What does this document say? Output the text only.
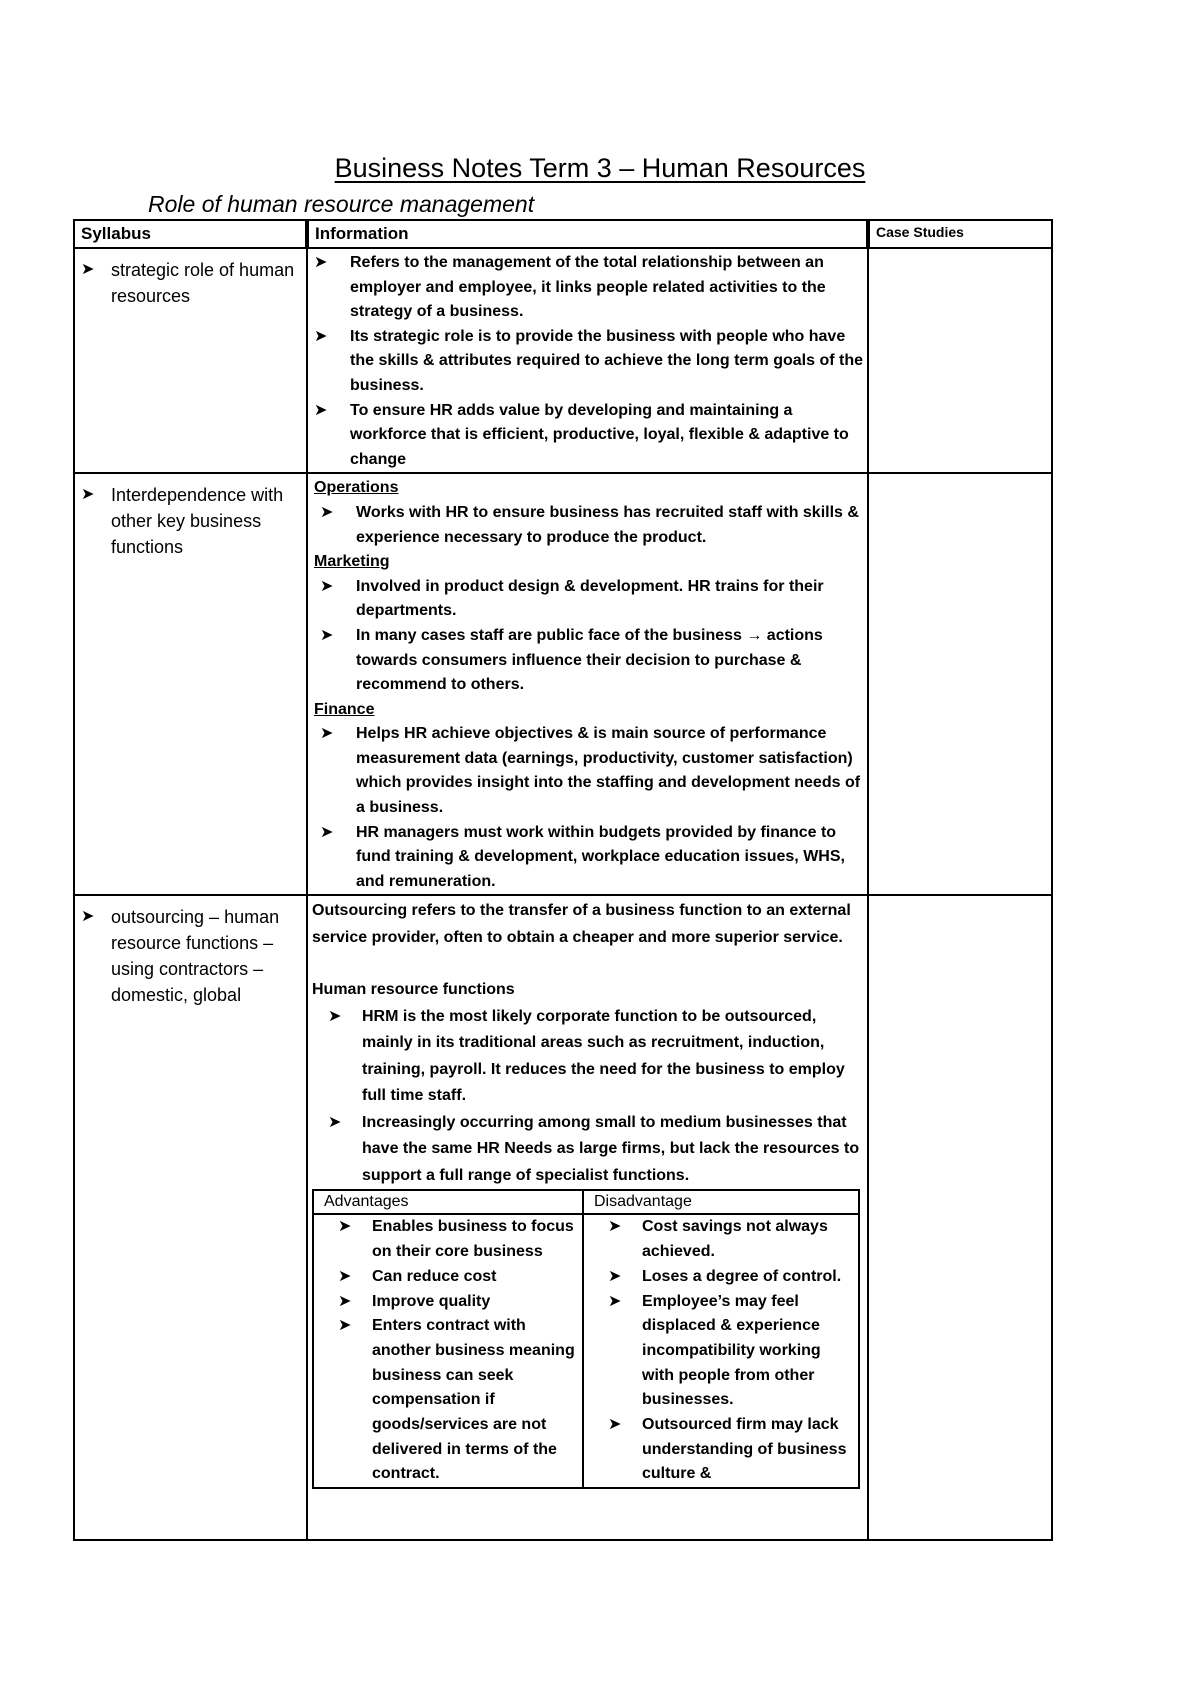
Business Notes Term 3 – Human Resources
Role of human resource management
Syllabus	Information	Case Studies

➤ strategic role of human resources

➤	Refers to the management of the total relationship between an employer and employee, it links people related activities to the strategy of a business.
➤	Its strategic role is to provide the business with people who have the skills & attributes required to achieve the long term goals of the business.
➤	To ensure HR adds value by developing and maintaining a workforce that is efficient, productive, loyal, flexible & adaptive to change

➤ Interdependence with other key business functions

Operations
➤	Works with HR to ensure business has recruited staff with skills & experience necessary to produce the product.
Marketing
➤	Involved in product design & development. HR trains for their departments.
➤	In many cases staff are public face of the business → actions towards consumers influence their decision to purchase & recommend to others.
Finance
➤	Helps HR achieve objectives & is main source of performance measurement data (earnings, productivity, customer satisfaction) which provides insight into the staffing and development needs of a business.
➤	HR managers must work within budgets provided by finance to fund training & development, workplace education issues, WHS, and remuneration.

➤ outsourcing – human resource functions – using contractors – domestic, global

Outsourcing refers to the transfer of a business function to an external service provider, often to obtain a cheaper and more superior service.
Human resource functions
➤	HRM is the most likely corporate function to be outsourced, mainly in its traditional areas such as recruitment, induction, training, payroll. It reduces the need for the business to employ full time staff.
➤	Increasingly occurring among small to medium businesses that have the same HR Needs as large firms, but lack the resources to support a full range of specialist functions.
Advantages	Disadvantage

➤	Enables business to focus on their core business
➤	Can reduce cost
➤	Improve quality
➤	Enters contract with another business meaning business can seek compensation if goods/services are not delivered in terms of the contract.

➤	Cost savings not always achieved.
➤	Loses a degree of control.
➤	Employee’s may feel displaced & experience incompatibility working with people from other businesses.
➤	Outsourced firm may lack understanding of business culture &
